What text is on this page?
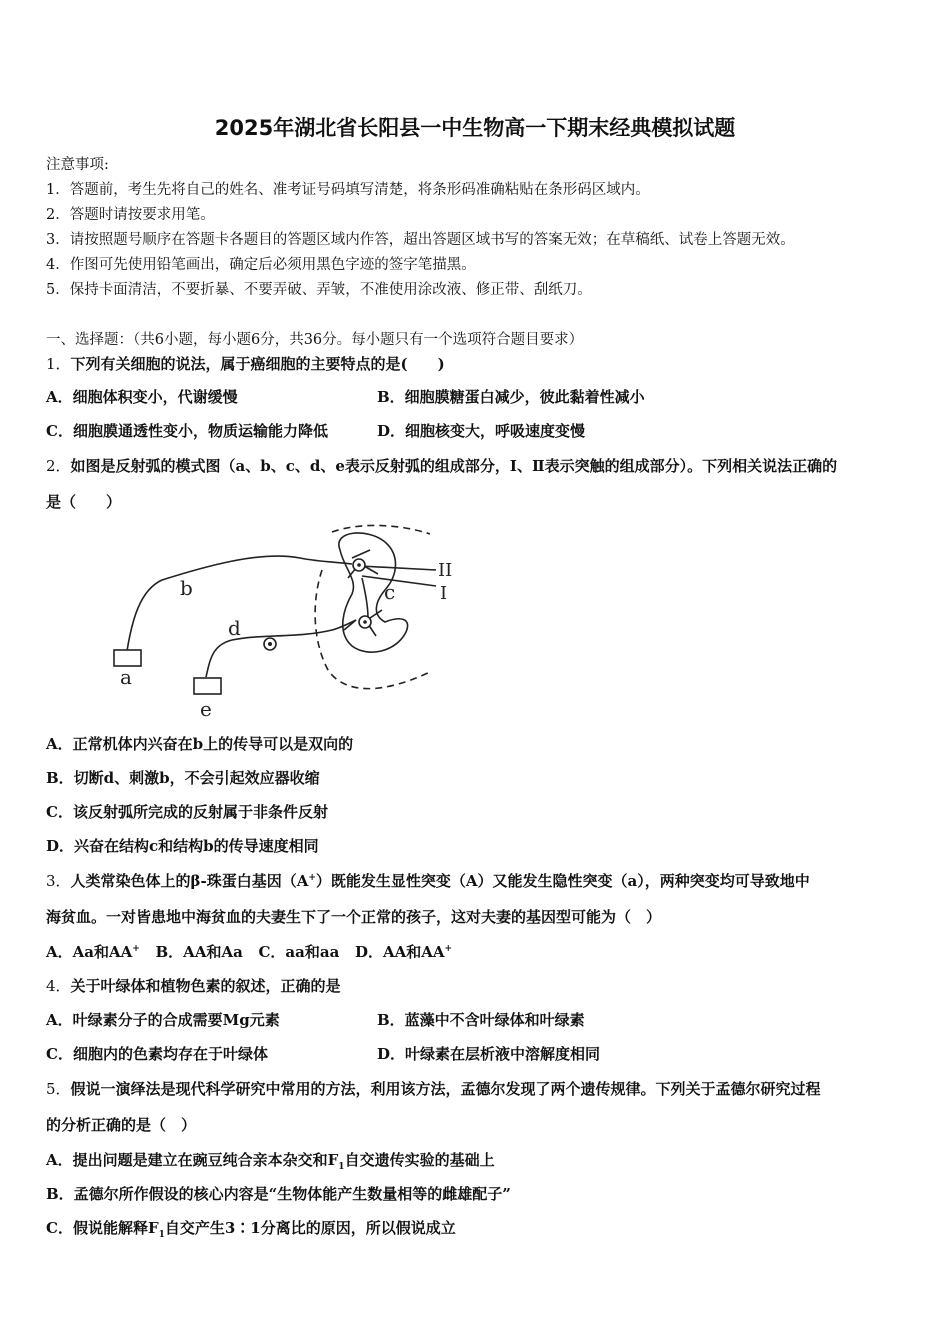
2025年湖北省长阳县一中生物高一下期末经典模拟试题
注意事项:
1．答题前，考生先将自己的姓名、准考证号码填写清楚，将条形码准确粘贴在条形码区域内。
2．答题时请按要求用笔。
3．请按照题号顺序在答题卡各题目的答题区域内作答，超出答题区域书写的答案无效；在草稿纸、试卷上答题无效。
4．作图可先使用铅笔画出，确定后必须用黑色字迹的签字笔描黑。
5．保持卡面清洁，不要折暴、不要弄破、弄皱，不准使用涂改液、修正带、刮纸刀。
一、选择题：（共6小题，每小题6分，共36分。每小题只有一个选项符合题目要求）
1．下列有关细胞的说法，属于癌细胞的主要特点的是(　　)
A．细胞体积变小，代谢缓慢	B．细胞膜糖蛋白减少，彼此黏着性减小
C．细胞膜通透性变小，物质运输能力降低	D．细胞核变大，呼吸速度变慢
2．如图是反射弧的模式图（a、b、c、d、e表示反射弧的组成部分，Ⅰ、Ⅱ表示突触的组成部分）。下列相关说法正确的
是（　　）
a
b	c
d
e
II
I
A．正常机体内兴奋在b上的传导可以是双向的
B．切断d、刺激b，不会引起效应器收缩
C．该反射弧所完成的反射属于非条件反射
D．兴奋在结构c和结构b的传导速度相同
3．人类常染色体上的β-珠蛋白基因（A+）既能发生显性突变（A）又能发生隐性突变（a），两种突变均可导致地中
海贫血。一对皆患地中海贫血的夫妻生下了一个正常的孩子，这对夫妻的基因型可能为（　）
A．Aa和AA+ B．AA和Aa C．aa和aa D．AA和AA+
4．关于叶绿体和植物色素的叙述，正确的是
A．叶绿素分子的合成需要Mg元素	B．蓝藻中不含叶绿体和叶绿素
C．细胞内的色素均存在于叶绿体	D．叶绿素在层析液中溶解度相同
5．假说一演绎法是现代科学研究中常用的方法，利用该方法，孟德尔发现了两个遗传规律。下列关于孟德尔研究过程
的分析正确的是（　）
A．提出问题是建立在豌豆纯合亲本杂交和$F_1$自交遗传实验的基础上
B．孟德尔所作假设的核心内容是“生物体能产生数量相等的雌雄配子”
C．假说能解释$F_1$自交产生3∶1分离比的原因，所以假说成立
